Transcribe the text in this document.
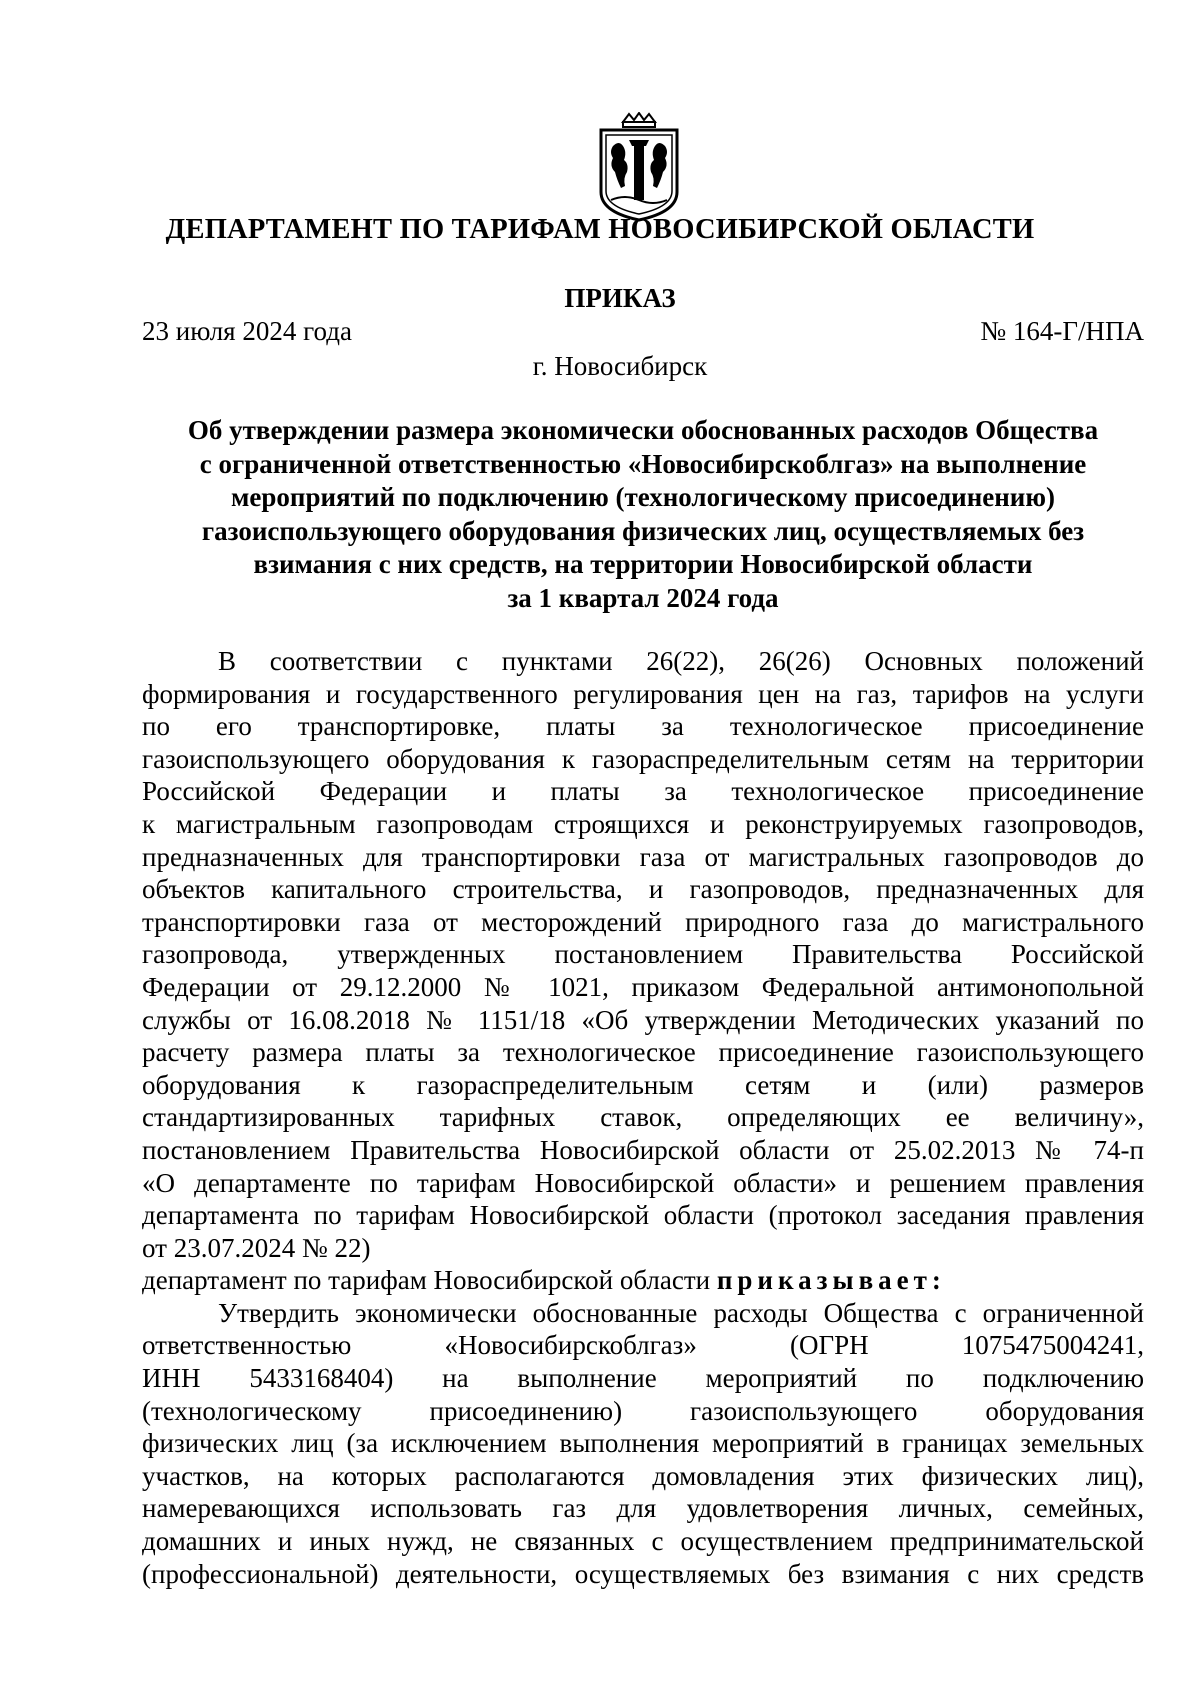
ДЕПАРТАМЕНТ ПО ТАРИФАМ НОВОСИБИРСКОЙ ОБЛАСТИ
ПРИКАЗ
23 июля 2024 года	№ 164-Г/НПА
г. Новосибирск
Об утверждении размера экономически обоснованных расходов Общества
с ограниченной ответственностью «Новосибирскоблгаз» на выполнение
мероприятий по подключению (технологическому присоединению)
газоиспользующего оборудования физических лиц, осуществляемых без
взимания с них средств, на территории Новосибирской области
за 1 квартал 2024 года
В соответствии с пунктами 26(22), 26(26) Основных положений
формирования и государственного регулирования цен на газ, тарифов на услуги
по его транспортировке, платы за технологическое присоединение
газоиспользующего оборудования к газораспределительным сетям на территории
Российской Федерации и платы за технологическое присоединение
к магистральным газопроводам строящихся и реконструируемых газопроводов,
предназначенных для транспортировки газа от магистральных газопроводов до
объектов капитального строительства, и газопроводов, предназначенных для
транспортировки газа от месторождений природного газа до магистрального
газопровода, утвержденных постановлением Правительства Российской
Федерации от 29.12.2000 № 1021, приказом Федеральной антимонопольной
службы от 16.08.2018 № 1151/18 «Об утверждении Методических указаний по
расчету размера платы за технологическое присоединение газоиспользующего
оборудования к газораспределительным сетям и (или) размеров
стандартизированных тарифных ставок, определяющих ее величину»,
постановлением Правительства Новосибирской области от 25.02.2013 № 74-п
«О департаменте по тарифам Новосибирской области» и решением правления
департамента по тарифам Новосибирской области (протокол заседания правления
от 23.07.2024 № 22)
департамент по тарифам Новосибирской области приказывает:
Утвердить экономически обоснованные расходы Общества с ограниченной
ответственностью «Новосибирскоблгаз» (ОГРН 1075475004241,
ИНН 5433168404) на выполнение мероприятий по подключению
(технологическому присоединению) газоиспользующего оборудования
физических лиц (за исключением выполнения мероприятий в границах земельных
участков, на которых располагаются домовладения этих физических лиц),
намеревающихся использовать газ для удовлетворения личных, семейных,
домашних и иных нужд, не связанных с осуществлением предпринимательской
(профессиональной) деятельности, осуществляемых без взимания с них средств
